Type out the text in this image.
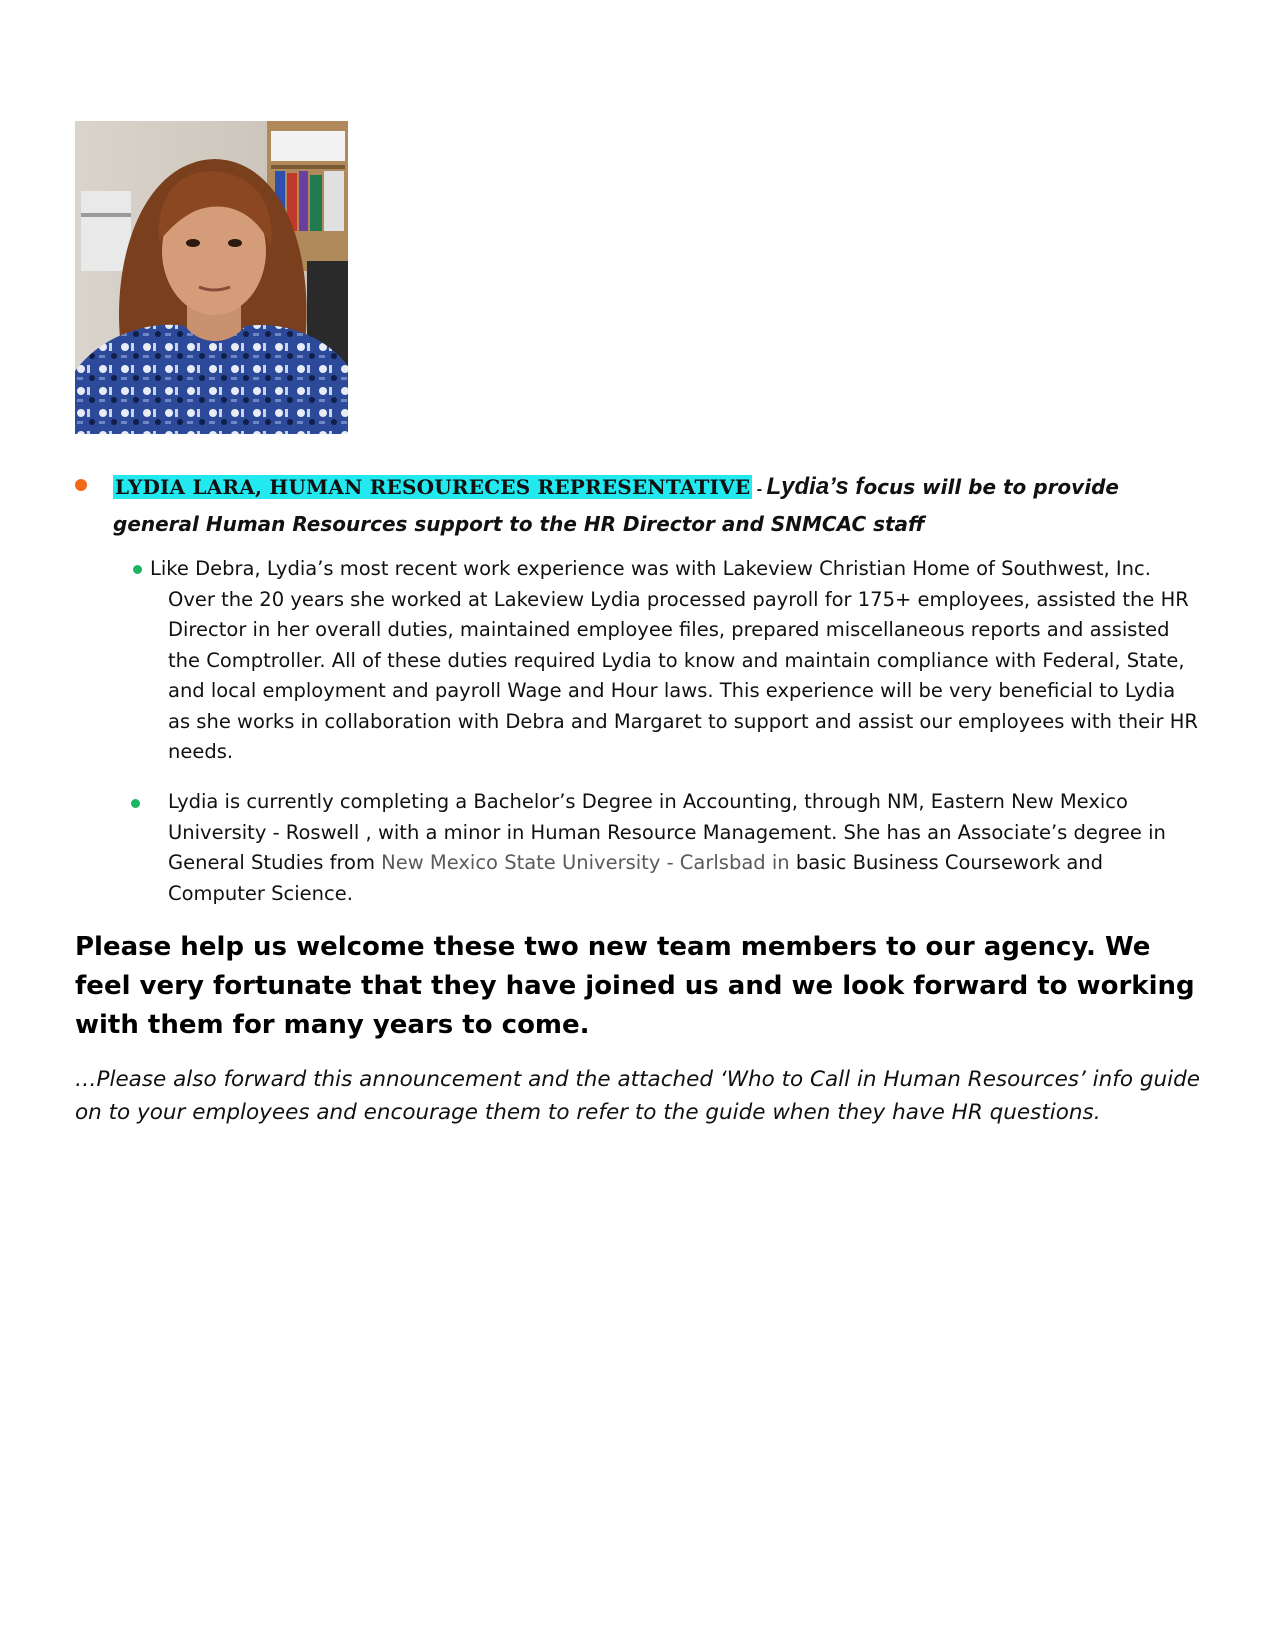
LYDIA LARA, HUMAN RESOURECES REPRESENTATIVE - Lydia’s focus will be to provide general Human Resources support to the HR Director and SNMCAC staff
Like Debra, Lydia’s most recent work experience was with Lakeview Christian Home of Southwest, Inc.
Over the 20 years she worked at Lakeview Lydia processed payroll for 175+ employees, assisted the HR Director in her overall duties, maintained employee files, prepared miscellaneous reports and assisted the Comptroller. All of these duties required Lydia to know and maintain compliance with Federal, State, and local employment and payroll Wage and Hour laws. This experience will be very beneficial to Lydia as she works in collaboration with Debra and Margaret to support and assist our employees with their HR needs.
Lydia is currently completing a Bachelor’s Degree in Accounting, through NM, Eastern New Mexico University - Roswell , with a minor in Human Resource Management. She has an Associate’s degree in General Studies from New Mexico State University - Carlsbad in basic Business Coursework and Computer Science.
Please help us welcome these two new team members to our agency. We feel very fortunate that they have joined us and we look forward to working with them for many years to come.
…Please also forward this announcement and the attached ‘Who to Call in Human Resources’ info guide on to your employees and encourage them to refer to the guide when they have HR questions.
